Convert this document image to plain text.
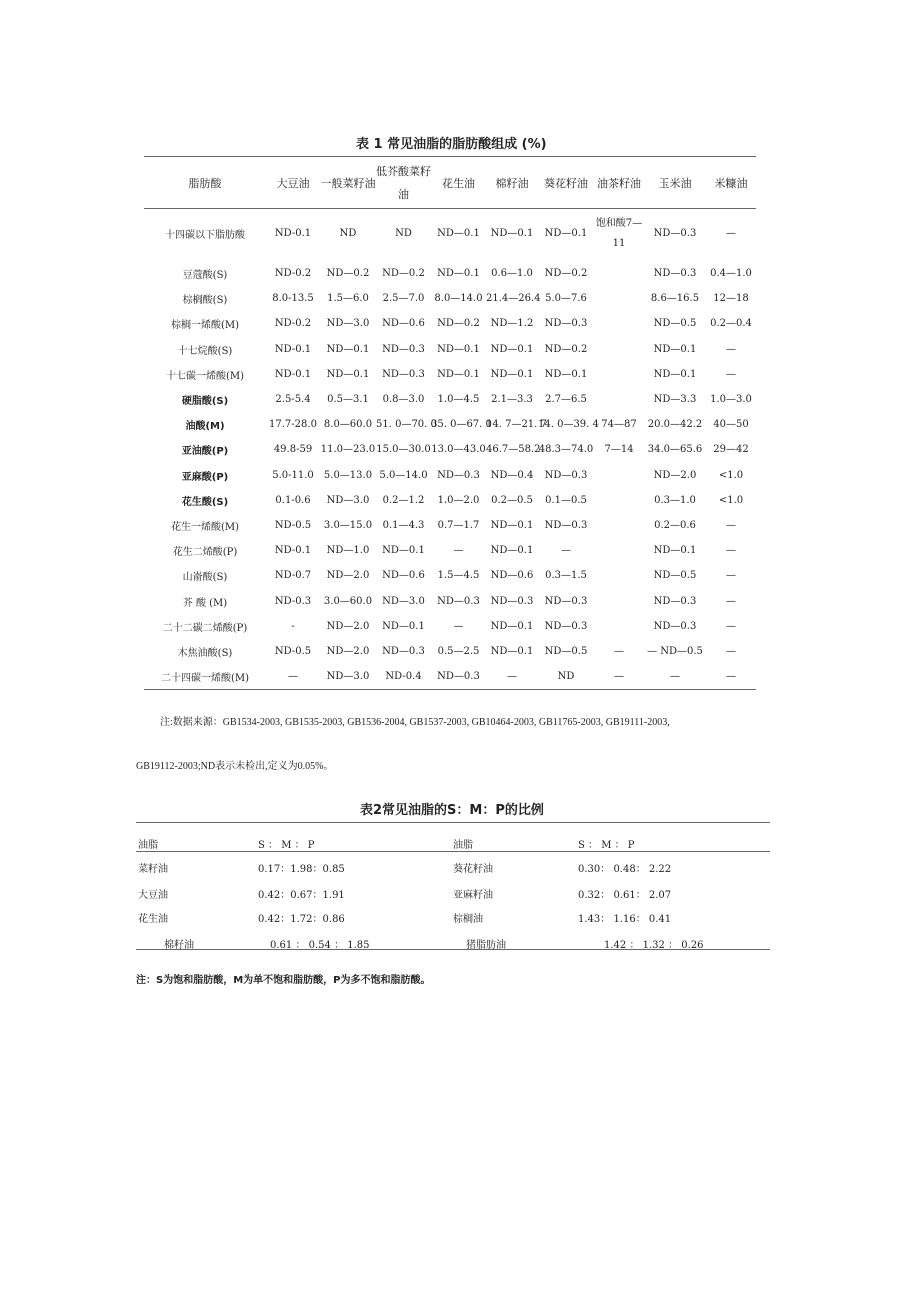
表 1 常见油脂的脂肪酸组成 (%)
脂肪酸	大豆油	一般菜籽油	低芥酸菜籽油	花生油	棉籽油	葵花籽油	油茶籽油	玉米油	米糠油
十四碳以下脂肪酸	ND-0.1	ND	ND	ND—0.1	ND—0.1	ND—0.1	饱和酸7—11	ND—0.3	—
豆蔻酸(S)	ND-0.2	ND—0.2	ND—0.2	ND—0.1	0.6—1.0	ND—0.2		ND—0.3	0.4—1.0
棕榈酸(S)	8.0-13.5	1.5—6.0	2.5—7.0	8.0—14.0	21.4—26.4	5.0—7.6		8.6—16.5	12—18
棕榈一烯酸(M)	ND-0.2	ND—3.0	ND—0.6	ND—0.2	ND—1.2	ND—0.3		ND—0.5	0.2—0.4
十七烷酸(S)	ND-0.1	ND—0.1	ND—0.3	ND—0.1	ND—0.1	ND—0.2		ND—0.1	—
十七碳一烯酸(M)	ND-0.1	ND—0.1	ND—0.3	ND—0.1	ND—0.1	ND—0.1		ND—0.1	—
硬脂酸(S)	2.5-5.4	0.5—3.1	0.8—3.0	1.0—4.5	2.1—3.3	2.7—6.5		ND—3.3	1.0—3.0
油酸(M)	17.7-28.0	8.0—60.0	51. 0—70. 0	35. 0—67. 0	14. 7—21. 7	14. 0—39. 4	74—87	20.0—42.2	40—50
亚油酸(P)	49.8-59	11.0—23.0	15.0—30.0	13.0—43.0	46.7—58.2	48.3—74.0	7—14	34.0—65.6	29—42
亚麻酸(P)	5.0-11.0	5.0—13.0	5.0—14.0	ND—0.3	ND—0.4	ND—0.3		ND—2.0	<1.0
花生酸(S)	0.1-0.6	ND—3.0	0.2—1.2	1.0—2.0	0.2—0.5	0.1—0.5		0.3—1.0	<1.0
花生一烯酸(M)	ND-0.5	3.0—15.0	0.1—4.3	0.7—1.7	ND—0.1	ND—0.3		0.2—0.6	—
花生二烯酸(P)	ND-0.1	ND—1.0	ND—0.1	—	ND—0.1	—		ND—0.1	—
山嵛酸(S)	ND-0.7	ND—2.0	ND—0.6	1.5—4.5	ND—0.6	0.3—1.5		ND—0.5	—
芥 酸 (M)	ND-0.3	3.0—60.0	ND—3.0	ND—0.3	ND—0.3	ND—0.3		ND—0.3	—
二十二碳二烯酸(P)	-	ND—2.0	ND—0.1	—	ND—0.1	ND—0.3		ND—0.3	—
木焦油酸(S)	ND-0.5	ND—2.0	ND—0.3	0.5—2.5	ND—0.1	ND—0.5	—	— ND—0.5	—
二十四碳一烯酸(M)	—	ND—3.0	ND-0.4	ND—0.3	—	ND	—	—	—
注:数据来源：GB1534-2003, GB1535-2003, GB1536-2004, GB1537-2003, GB10464-2003, GB11765-2003, GB19111-2003,
GB19112-2003;ND表示未检出,定义为0.05%。
表2常见油脂的S：M：P的比例
油脂	S ： M ： P	油脂	S ： M ： P
菜籽油	0.17：1.98：0.85	葵花籽油	0.30： 0.48： 2.22
大豆油	0.42：0.67：1.91	亚麻籽油	0.32： 0.61： 2.07
花生油	0.42：1.72：0.86	棕榈油	1.43： 1.16： 0.41
棉籽油	0.61 ： 0.54 ： 1.85	猪脂肪油	1.42 ： 1.32 ： 0.26
注：S为饱和脂肪酸，M为单不饱和脂肪酸，P为多不饱和脂肪酸。
